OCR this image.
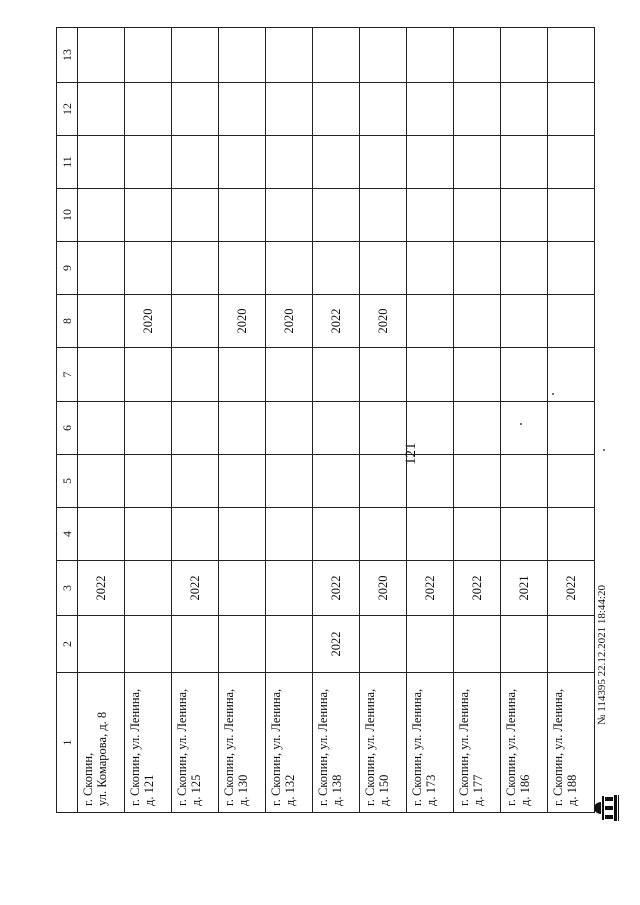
121
1	2	3	4	5	6	7	8	9	10	11	12	13
г. Скопин,
ул. Комарова, д. 8		2022										
г. Скопин, ул. Ленина,
д. 121							2020					
г. Скопин, ул. Ленина,
д. 125		2022										
г. Скопин, ул. Ленина,
д. 130							2020					
г. Скопин, ул. Ленина,
д. 132							2020					
г. Скопин, ул. Ленина,
д. 138	2022	2022					2022					
г. Скопин, ул. Ленина,
д. 150		2020					2020					
г. Скопин, ул. Ленина,
д. 173		2022										
г. Скопин, ул. Ленина,
д. 177		2022										
г. Скопин, ул. Ленина,
д. 186		2021										
г. Скопин, ул. Ленина,
д. 188		2022										№ 114395 22.12.2021 18:44:20
